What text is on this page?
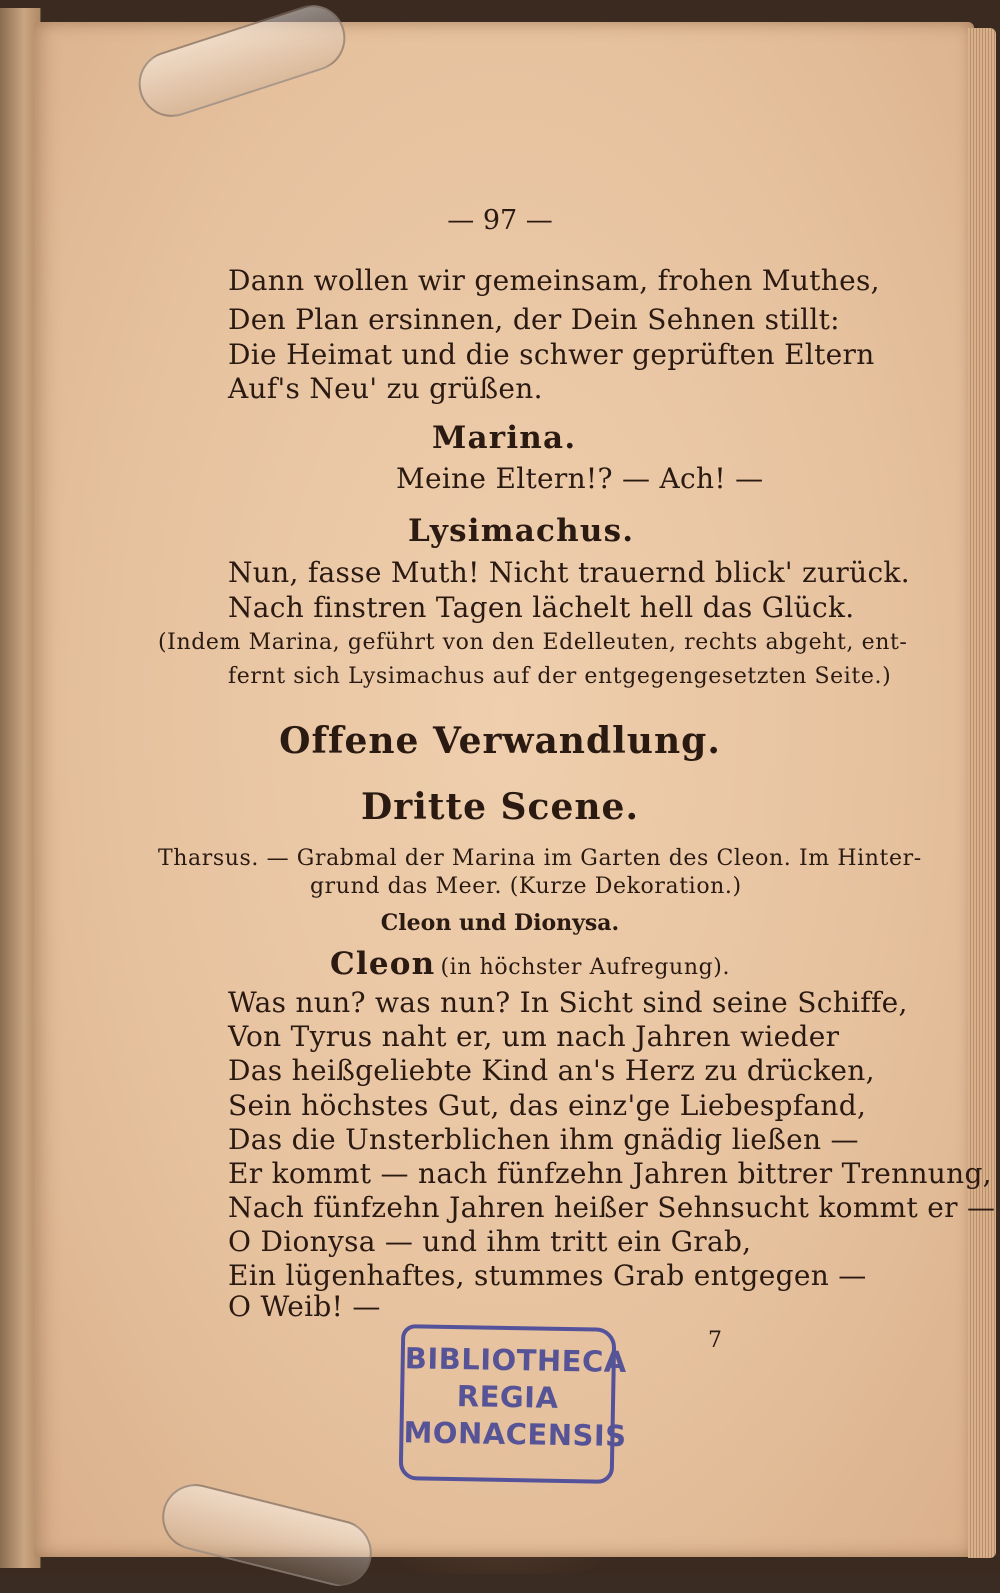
— 97 —
Dann wollen wir gemeinsam, frohen Muthes,
Den Plan ersinnen, der Dein Sehnen stillt:
Die Heimat und die schwer geprüften Eltern
Auf's Neu' zu grüßen.
Marina.
Meine Eltern!? — Ach! —
Lysimachus.
Nun, fasse Muth! Nicht trauernd blick' zurück.
Nach finstren Tagen lächelt hell das Glück.
(Indem Marina, geführt von den Edelleuten, rechts abgeht, ent-
fernt sich Lysimachus auf der entgegengesetzten Seite.)
Offene Verwandlung.
Dritte Scene.
Tharsus. — Grabmal der Marina im Garten des Cleon. Im Hinter-
grund das Meer. (Kurze Dekoration.)
Cleon und Dionysa.
Cleon (in höchster Aufregung).
Was nun? was nun? In Sicht sind seine Schiffe,
Von Tyrus naht er, um nach Jahren wieder
Das heißgeliebte Kind an's Herz zu drücken,
Sein höchstes Gut, das einz'ge Liebespfand,
Das die Unsterblichen ihm gnädig ließen —
Er kommt — nach fünfzehn Jahren bittrer Trennung,
Nach fünfzehn Jahren heißer Sehnsucht kommt er —
O Dionysa — und ihm tritt ein Grab,
Ein lügenhaftes, stummes Grab entgegen —
O Weib! —
7
BIBLIOTHECA
REGIA
MONACENSIS
